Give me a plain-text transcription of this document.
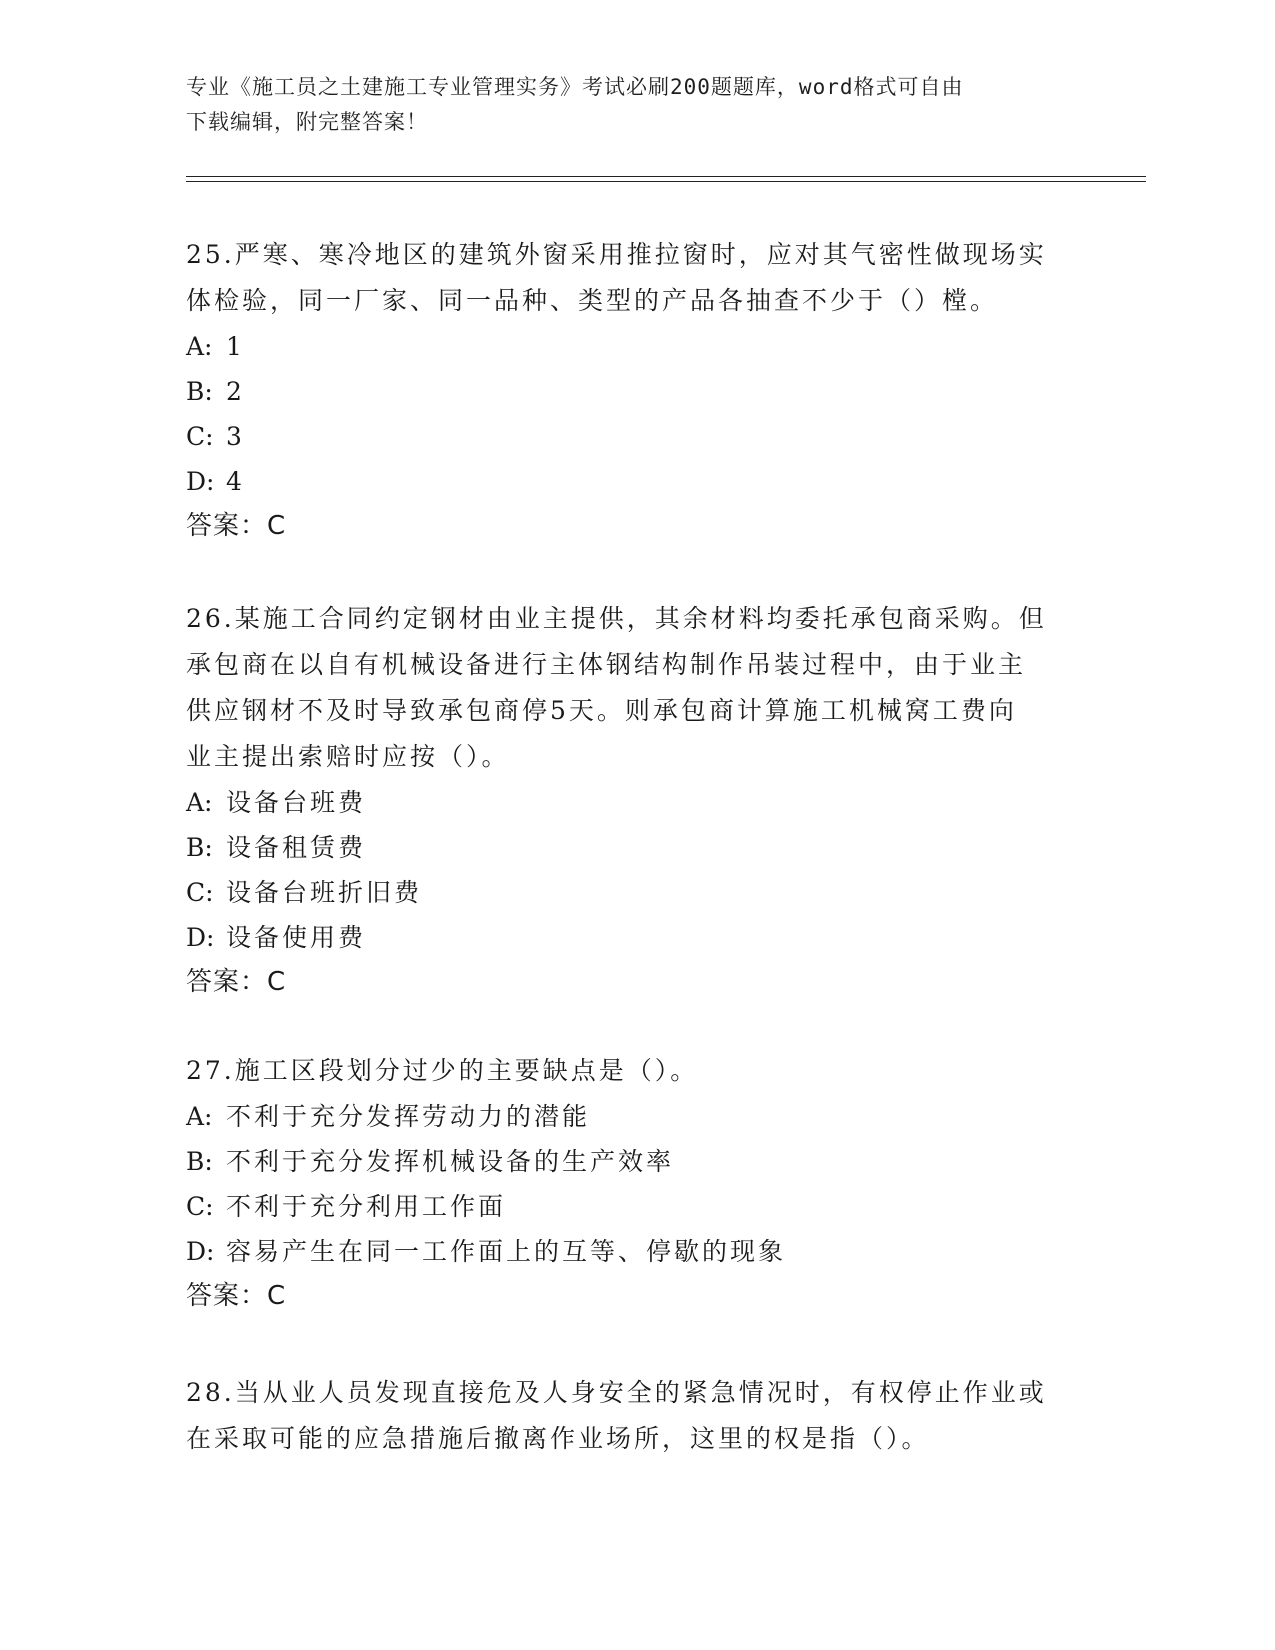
专业《施工员之土建施工专业管理实务》考试必刷200题题库，word格式可自由
下载编辑，附完整答案！

25.严寒、寒冷地区的建筑外窗采用推拉窗时，应对其气密性做现场实

体检验，同一厂家、同一品种、类型的产品各抽查不少于（）樘。

A: 1

B: 2

C: 3

D: 4

答案：C

26.某施工合同约定钢材由业主提供，其余材料均委托承包商采购。但

承包商在以自有机械设备进行主体钢结构制作吊装过程中，由于业主

供应钢材不及时导致承包商停5天。则承包商计算施工机械窝工费向

业主提出索赔时应按（）。

A: 设备台班费

B: 设备租赁费

C: 设备台班折旧费

D: 设备使用费

答案：C

27.施工区段划分过少的主要缺点是（）。

A: 不利于充分发挥劳动力的潜能

B: 不利于充分发挥机械设备的生产效率

C: 不利于充分利用工作面

D: 容易产生在同一工作面上的互等、停歇的现象

答案：C

28.当从业人员发现直接危及人身安全的紧急情况时，有权停止作业或

在采取可能的应急措施后撤离作业场所，这里的权是指（）。
